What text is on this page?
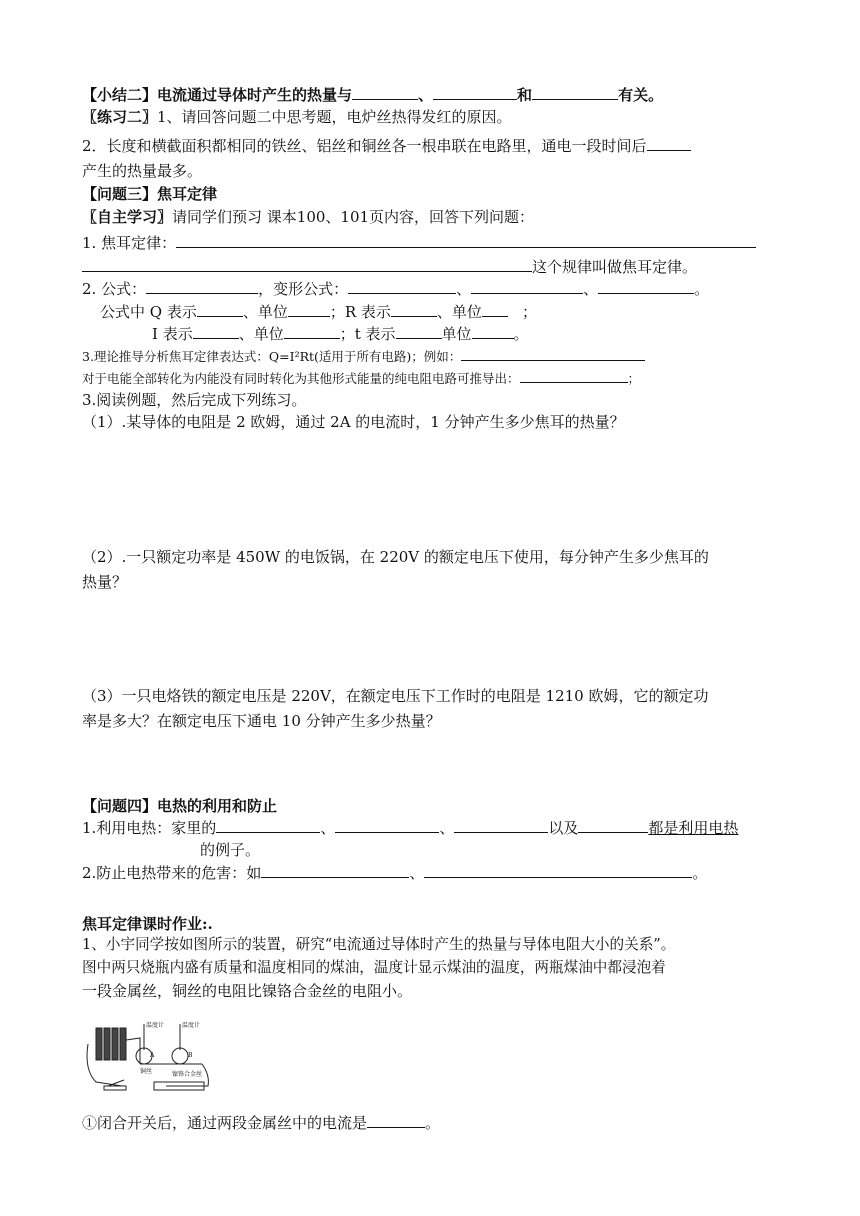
【小结二】电流通过导体时产生的热量与	、	和	有关。
〖练习二〗1、请回答问题二中思考题，电炉丝热得发红的原因。
2．长度和横截面积都相同的铁丝、铝丝和铜丝各一根串联在电路里，通电一段时间后
产生的热量最多。
【问题三】焦耳定律
〖自主学习〗请同学们预习 课本100、101页内容，回答下列问题：
1. 焦耳定律：
这个规律叫做焦耳定律。
2. 公式：	，变形公式：	、	、	。
公式中 Q 表示	、单位	；R 表示	、单位	；
I 表示	、单位	；t 表示	单位	。
3.理论推导分析焦耳定律表达式：Q=I²Rt(适用于所有电路)；例如：
对于电能全部转化为内能没有同时转化为其他形式能量的纯电阻电路可推导出：	；
3.阅读例题，然后完成下列练习。
（1）.某导体的电阻是 2 欧姆，通过 2A 的电流时，1 分钟产生多少焦耳的热量？
（2）.一只额定功率是 450W 的电饭锅，在 220V 的额定电压下使用，每分钟产生多少焦耳的
热量？
（3）一只电烙铁的额定电压是 220V，在额定电压下工作时的电阻是 1210 欧姆，它的额定功
率是多大？在额定电压下通电 10 分钟产生多少热量？
【问题四】电热的利用和防止
1.利用电热：家里的	、	、	以及	都是利用电热
的例子。
2.防止电热带来的危害：如	、	。
焦耳定律课时作业:.
1、小宇同学按如图所示的装置，研究“电流通过导体时产生的热量与导体电阻大小的关系”。
图中两只烧瓶内盛有质量和温度相同的煤油，温度计显示煤油的温度，两瓶煤油中都浸泡着
一段金属丝，铜丝的电阻比镍铬合金丝的电阻小。
温度计	温度计
铜丝	镍铬合金丝
A	B
①闭合开关后，通过两段金属丝中的电流是	。
